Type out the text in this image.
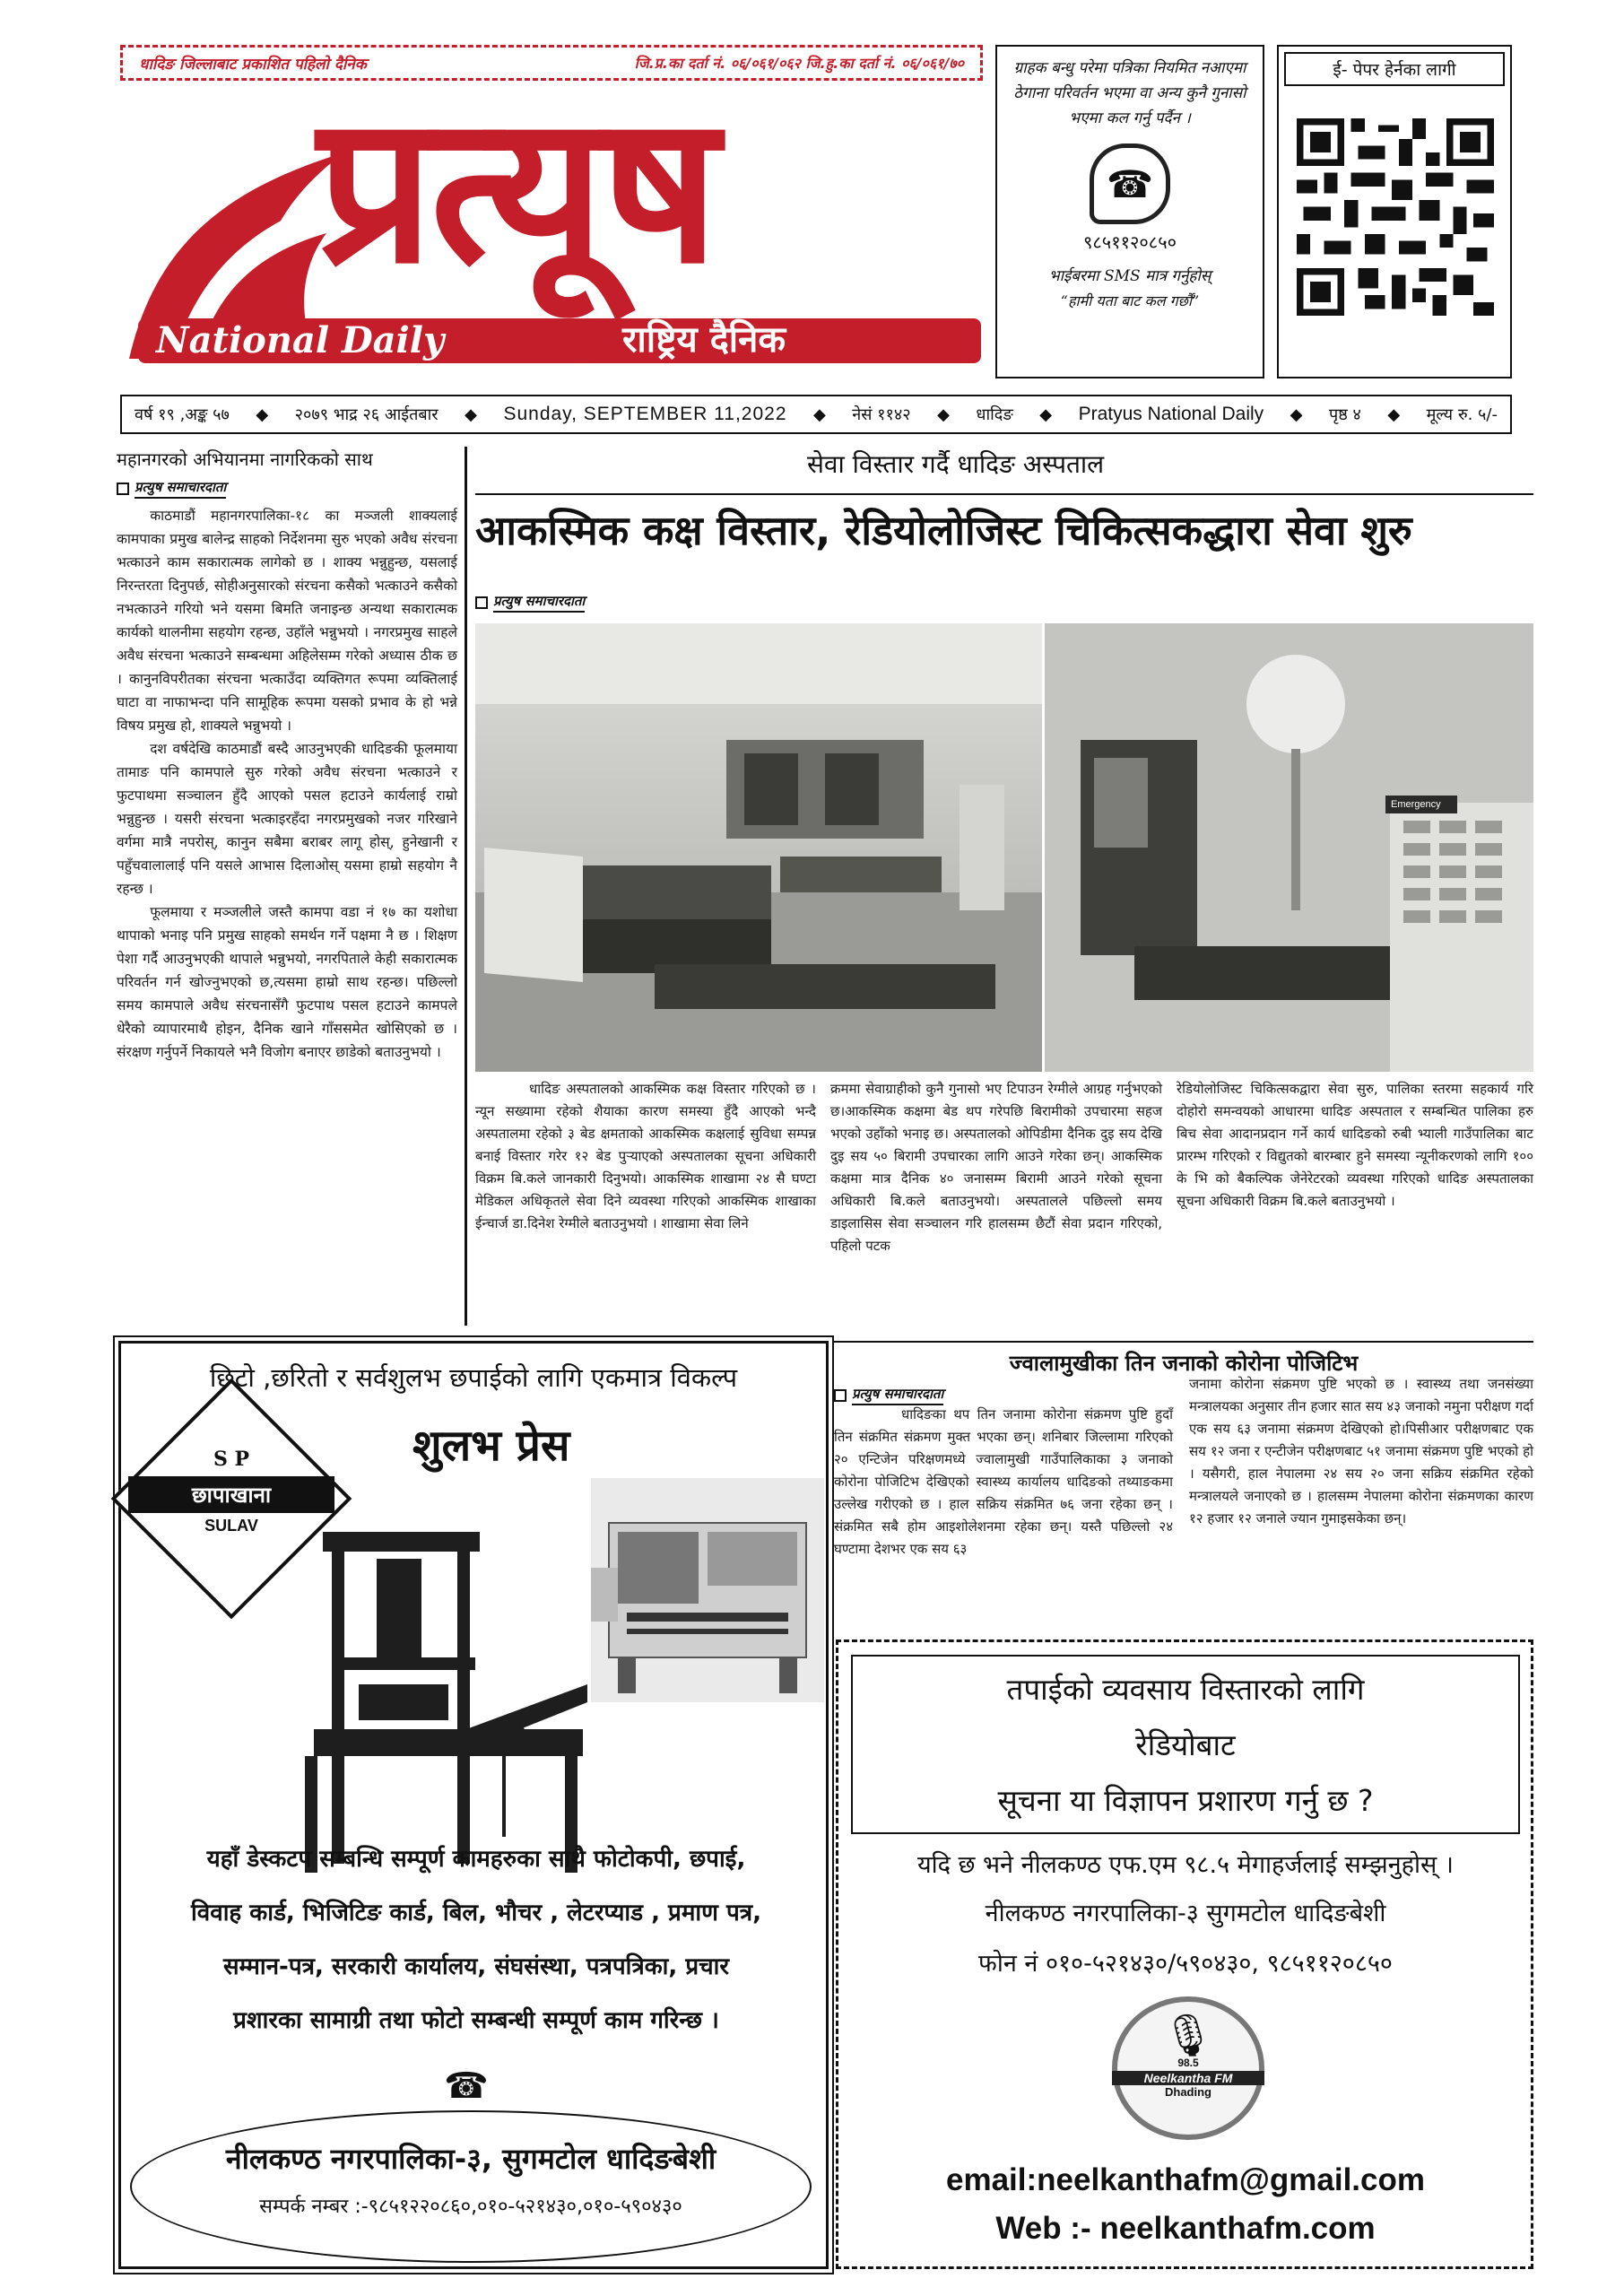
धादिङ जिल्लाबाट प्रकाशित पहिलो दैनिक	जि.प्र.का दर्ता नं. ०६/०६१/०६२ जि.हु.का दर्ता नं. ०६/०६१/७०
प्रत्यूष
National Daily	राष्ट्रिय दैनिक
ग्राहक बन्धु परेमा पत्रिका नियमित नआएमा ठेगाना परिवर्तन भएमा वा अन्य कुनै गुनासो भएमा कल गर्नु पर्दैन ।
☎
९८५११२०८५०
भाईबरमा SMS मात्र गर्नुहोस्
“हामी यता बाट कल गर्छौं”
ई- पेपर हेर्नका लागी
वर्ष १९ ,अङ्क ५७ ◆ २०७९ भाद्र २६ आईतबार ◆ Sunday, SEPTEMBER 11,2022 ◆ नेसं ११४२ ◆ धादिङ ◆ Pratyus National Daily ◆ पृष्ठ ४ ◆ मूल्य रु. ५/-
महानगरको अभियानमा नागरिकको साथ
प्रत्युष समाचारदाता

काठमाडौं महानगरपालिका-१८ का मञ्जली शाक्यलाई कामपाका प्रमुख बालेन्द्र साहको निर्देशनमा सुरु भएको अवैध संरचना भत्काउने काम सकारात्मक लागेको छ । शाक्य भन्नुहुन्छ, यसलाई निरन्तरता दिनुपर्छ, सोहीअनुसारको संरचना कसैको भत्काउने कसैको नभत्काउने गरियो भने यसमा बिमति जनाइन्छ अन्यथा सकारात्मक कार्यको थालनीमा सहयोग रहन्छ, उहाँले भन्नुभयो । नगरप्रमुख साहले अवैध संरचना भत्काउने सम्बन्धमा अहिलेसम्म गरेको अध्यास ठीक छ । कानुनविपरीतका संरचना भत्काउँदा व्यक्तिगत रूपमा व्यक्तिलाई घाटा वा नाफाभन्दा पनि सामूहिक रूपमा यसको प्रभाव के हो भन्ने विषय प्रमुख हो, शाक्यले भन्नुभयो ।

दश वर्षदेखि काठमाडौं बस्दै आउनुभएकी धादिङकी फूलमाया तामाङ पनि कामपाले सुरु गरेको अवैध संरचना भत्काउने र फुटपाथमा सञ्चालन हुँदै आएको पसल हटाउने कार्यलाई राम्रो भन्नुहुन्छ । यसरी संरचना भत्काइरहँदा नगरप्रमुखको नजर गरिखाने वर्गमा मात्रै नपरोस्, कानुन सबैमा बराबर लागू होस्, हुनेखानी र पहुँचवालालाई पनि यसले आभास दिलाओस् यसमा हाम्रो सहयोग नै रहन्छ ।

फूलमाया र मञ्जलीले जस्तै कामपा वडा नं १७ का यशोधा थापाको भनाइ पनि प्रमुख साहको समर्थन गर्ने पक्षमा नै छ । शिक्षण पेशा गर्दै आउनुभएकी थापाले भन्नुभयो, नगरपिताले केही सकारात्मक परिवर्तन गर्न खोज्नुभएको छ,त्यसमा हाम्रो साथ रहन्छ। पछिल्लो समय कामपाले अवैध संरचनासँगै फुटपाथ पसल हटाउने कामपले धेरैको व्यापारमाथै होइन, दैनिक खाने गाँससमेत खोसिएको छ । संरक्षण गर्नुपर्ने निकायले भनै विजोग बनाएर छाडेको बताउनुभयो ।

सेवा विस्तार गर्दै धादिङ अस्पताल
आकस्मिक कक्ष विस्तार, रेडियोलोजिस्ट चिकित्सकद्धारा सेवा शुरु
प्रत्युष समाचारदाता
Emergency
धादिङ अस्पतालको आकस्मिक कक्ष विस्तार गरिएको छ । न्यून सख्यामा रहेको शैयाका कारण समस्या हुँदै आएको भन्दै अस्पतालमा रहेको ३ बेड क्षमताको आकस्मिक कक्षलाई सुविधा सम्पन्न बनाई विस्तार गरेर १२ बेड पुऱ्याएको अस्पतालका सूचना अधिकारी विक्रम बि.कले जानकारी दिनुभयो। आकस्मिक शाखामा २४ सै घण्टा मेडिकल अधिकृतले सेवा दिने व्यवस्था गरिएको आकस्मिक शाखाका ईन्चार्ज डा.दिनेश रेग्मीले बताउनुभयो । शाखामा सेवा लिने
क्रममा सेवाग्राहीको कुनै गुनासो भए टिपाउन रेग्मीले आग्रह गर्नुभएको छ।आकस्मिक कक्षमा बेड थप गरेपछि बिरामीको उपचारमा सहज भएको उहाँको भनाइ छ। अस्पतालको ओपिडीमा दैनिक दुइ सय देखि दुइ सय ५० बिरामी उपचारका लागि आउने गरेका छन्। आकस्मिक कक्षमा मात्र दैनिक ४० जनासम्म बिरामी आउने गरेको सूचना अधिकारी बि.कले बताउनुभयो। अस्पतालले पछिल्लो समय डाइलासिस सेवा सञ्चालन गरि हालसम्म छैटौं सेवा प्रदान गरिएको, पहिलो पटक
रेडियोलोजिस्ट चिकित्सकद्वारा सेवा सुरु, पालिका स्तरमा सहकार्य गरि दोहोरो समन्वयको आधारमा धादिङ अस्पताल र सम्बन्धित पालिका हरु बिच सेवा आदानप्रदान गर्ने कार्य धादिङको रुबी भ्याली गाउँपालिका बाट प्रारम्भ गरिएको र विद्युतको बारम्बार हुने समस्या न्यूनीकरणको लागि १०० के भि को बैकल्पिक जेनेरेटरको व्यवस्था गरिएको धादिङ अस्पतालका सूचना अधिकारी विक्रम बि.कले बताउनुभयो ।
छिटो ,छरितो र सर्वशुलभ छपाईको लागि एकमात्र विकल्प
शुलभ प्रेस
S P
छापाखाना
SULAV
यहाँ डेस्कटप सम्बन्धि सम्पूर्ण कामहरुका साथै फोटोकपी, छपाई,
विवाह कार्ड, भिजिटिङ कार्ड, बिल, भौचर , लेटरप्याड , प्रमाण पत्र,
सम्मान-पत्र, सरकारी कार्यालय, संघसंस्था, पत्रपत्रिका, प्रचार
प्रशारका सामाग्री तथा फोटो सम्बन्धी सम्पूर्ण काम गरिन्छ ।
☎
नीलकण्ठ नगरपालिका-३, सुगमटोल धादिङबेशी
सम्पर्क नम्बर :-९८५१२२०८६०,०१०-५२१४३०,०१०-५९०४३०
ज्वालामुखीका तिन जनाको कोरोना पोजिटिभ
प्रत्युष समाचारदाता
धादिङका थप तिन जनामा कोरोना संक्रमण पुष्टि हुदाँ तिन संक्रमित संक्रमण मुक्त भएका छन्। शनिबार जिल्लामा गरिएको २० एन्टिजेन परिक्षणमध्ये ज्वालामुखी गाउँपालिकाका ३ जनाको कोरोना पोजिटिभ देखिएको स्वास्थ्य कार्यालय धादिङको तथ्याङकमा उल्लेख गरीएको छ । हाल सक्रिय संक्रमित ७६ जना रहेका छन् । संक्रमित सबै होम आइशोलेशनमा रहेका छन्। यस्तै पछिल्लो २४ घण्टामा देशभर एक सय ६३
जनामा कोरोना संक्रमण पुष्टि भएको छ । स्वास्थ्य तथा जनसंख्या मन्त्रालयका अनुसार तीन हजार सात सय ४३ जनाको नमुना परीक्षण गर्दा एक सय ६३ जनामा संक्रमण देखिएको हो।पिसीआर परीक्षणबाट एक सय १२ जना र एन्टीजेन परीक्षणबाट ५१ जनामा संक्रमण पुष्टि भएको हो । यसैगरी, हाल नेपालमा २४ सय २० जना सक्रिय संक्रमित रहेको मन्त्रालयले जनाएको छ । हालसम्म नेपालमा कोरोना संक्रमणका कारण १२ हजार १२ जनाले ज्यान गुमाइसकेका छन्।
तपाईको व्यवसाय विस्तारको लागि
रेडियोबाट
सूचना या विज्ञापन प्रशारण गर्नु छ ?
यदि छ भने नीलकण्ठ एफ.एम ९८.५ मेगाहर्जलाई सम्झनुहोस् ।
नीलकण्ठ नगरपालिका-३ सुगमटोल धादिङबेशी
फोन नं ०१०-५२१४३०/५९०४३०, ९८५११२०८५०
🎙
98.5
Neelkantha FM
Dhading
email:neelkanthafm@gmail.com
Web :- neelkanthafm.com
